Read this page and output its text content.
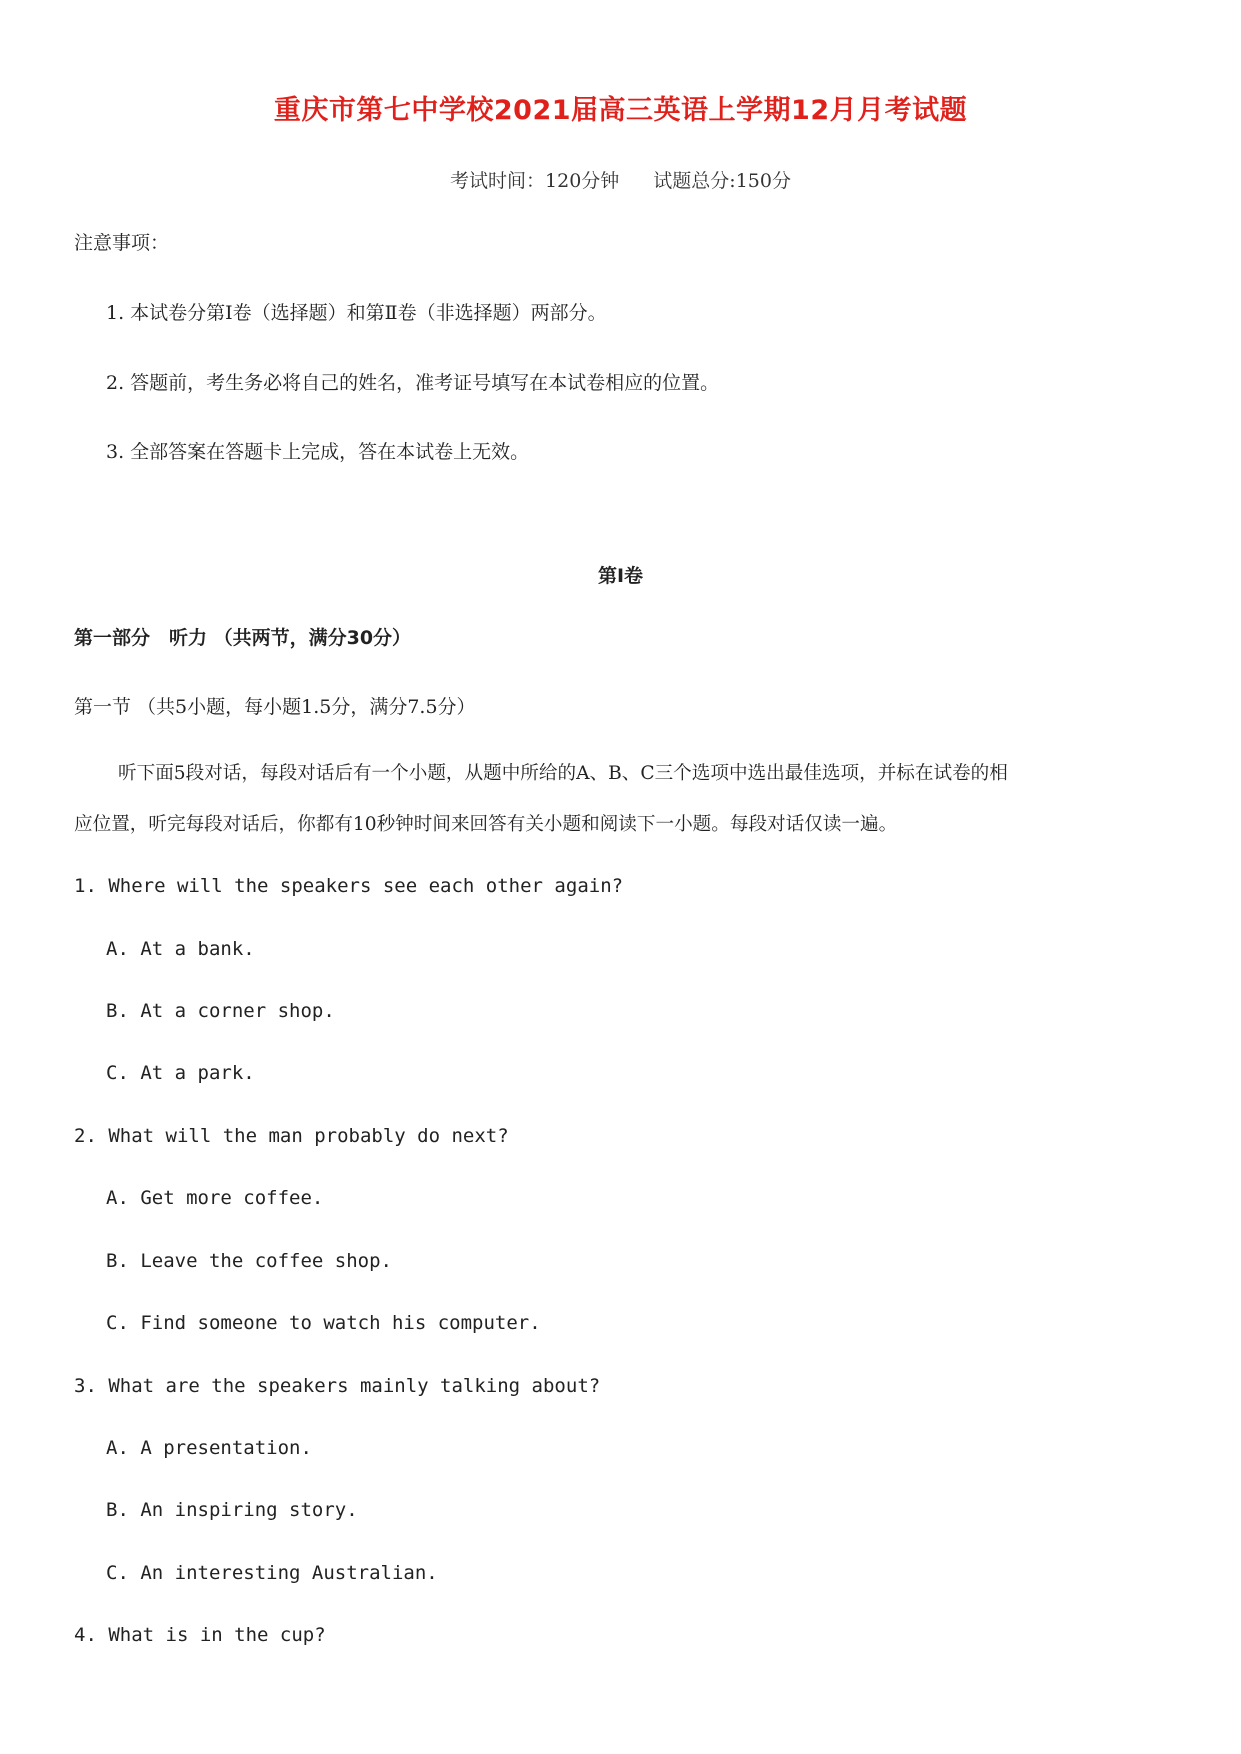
重庆市第七中学校2021届高三英语上学期12月月考试题
考试时间：120分钟 试题总分:150分
注意事项：
1. 本试卷分第Ⅰ卷（选择题）和第Ⅱ卷（非选择题）两部分。
2. 答题前，考生务必将自己的姓名，准考证号填写在本试卷相应的位置。
3. 全部答案在答题卡上完成，答在本试卷上无效。
第Ⅰ卷
第一部分　听力 （共两节，满分30分）
第一节 （共5小题，每小题1.5分，满分7.5分）
听下面5段对话，每段对话后有一个小题，从题中所给的A、B、C三个选项中选出最佳选项，并标在试卷的相
应位置，听完每段对话后，你都有10秒钟时间来回答有关小题和阅读下一小题。每段对话仅读一遍。
1. Where will the speakers see each other again?
A. At a bank.
B. At a corner shop.
C. At a park.
2. What will the man probably do next?
A. Get more coffee.
B. Leave the coffee shop.
C. Find someone to watch his computer.
3. What are the speakers mainly talking about?
A. A presentation.
B. An inspiring story.
C. An interesting Australian.
4. What is in the cup?
